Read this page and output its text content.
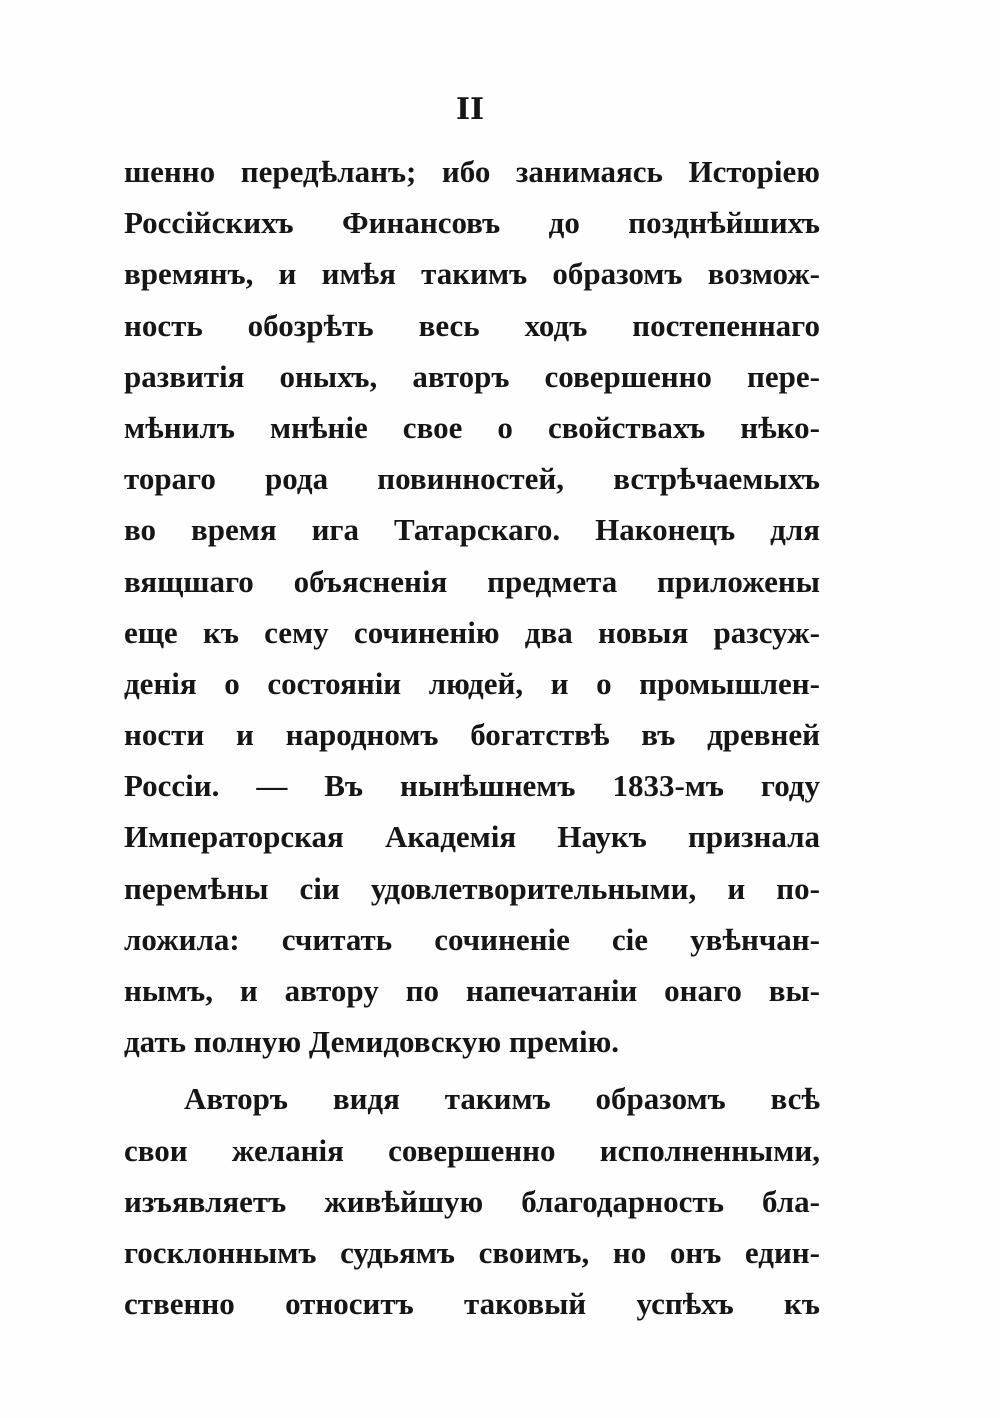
II
шенно передѣланъ; ибо занимаясь Исторіею
Россійскихъ Финансовъ до позднѣйшихъ
времянъ, и имѣя такимъ образомъ возмож-
ность обозрѣть весь ходъ постепеннаго
развитія оныхъ, авторъ совершенно пере-
мѣнилъ мнѣніе свое о свойствахъ нѣко-
тораго рода повинностей, встрѣчаемыхъ
во время ига Татарскаго. Наконецъ для
вящшаго объясненія предмета приложены
еще къ сему сочиненію два новыя разсуж-
денія о состояніи людей, и о промышлен-
ности и народномъ богатствѣ въ древней
Россіи. — Въ нынѣшнемъ 1833-мъ году
Императорская Академія Наукъ признала
перемѣны сіи удовлетворительными, и по-
ложила: считать сочиненіе сіе увѣнчан-
нымъ, и автору по напечатаніи онаго вы-
дать полную Демидовскую премію.
Авторъ видя такимъ образомъ всѣ
свои желанія совершенно исполненными,
изъявляетъ живѣйшую благодарность бла-
госклоннымъ судьямъ своимъ, но онъ един-
ственно относитъ таковый успѣхъ къ
